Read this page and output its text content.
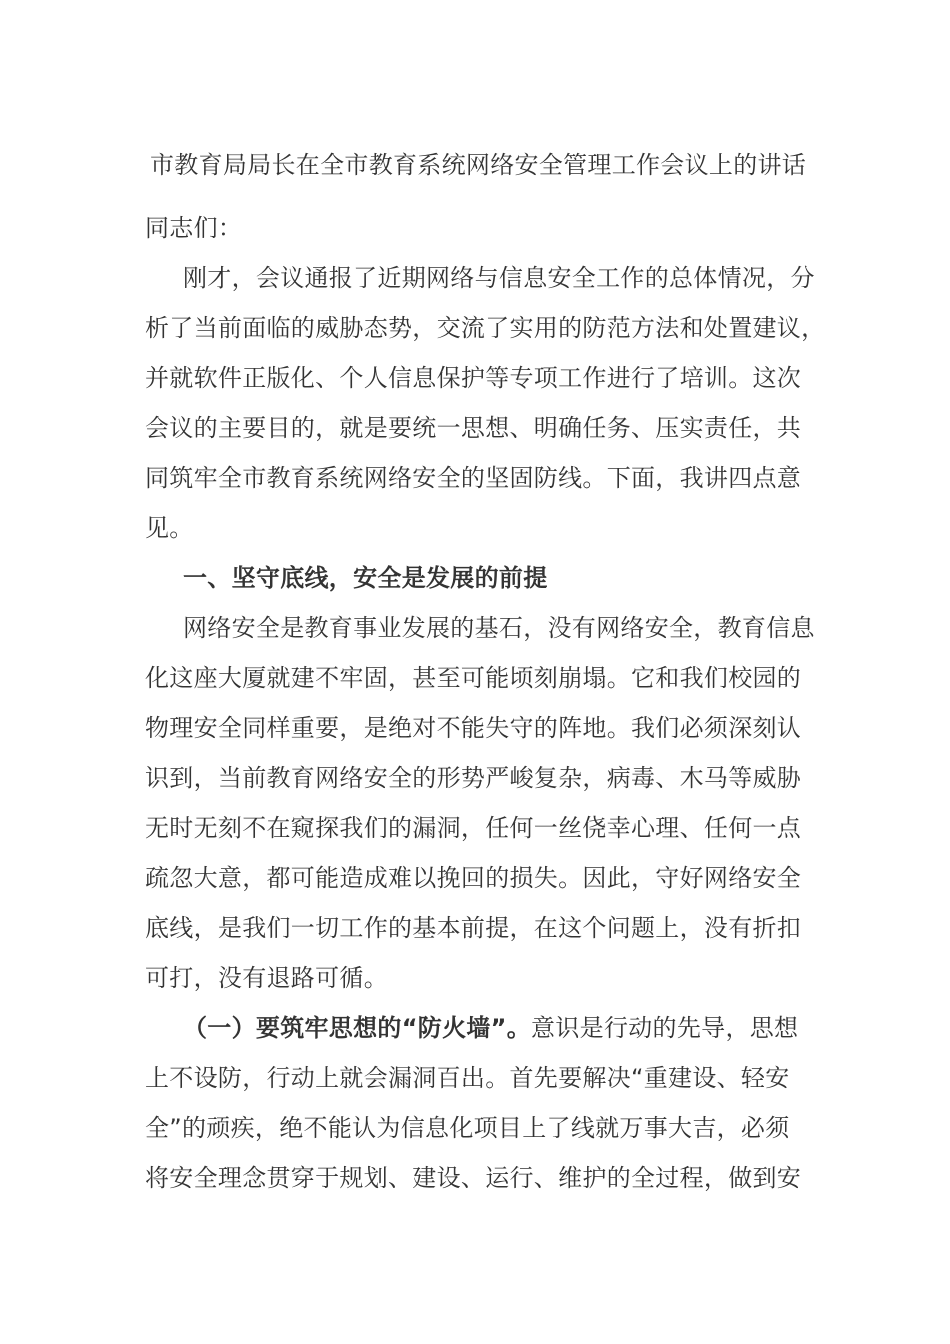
市教育局局长在全市教育系统网络安全管理工作会议上的讲话
同志们：
刚才，会议通报了近期网络与信息安全工作的总体情况，分
析了当前面临的威胁态势，交流了实用的防范方法和处置建议，
并就软件正版化、个人信息保护等专项工作进行了培训。这次
会议的主要目的，就是要统一思想、明确任务、压实责任，共
同筑牢全市教育系统网络安全的坚固防线。下面，我讲四点意
见。
一、坚守底线，安全是发展的前提
网络安全是教育事业发展的基石，没有网络安全，教育信息
化这座大厦就建不牢固，甚至可能顷刻崩塌。它和我们校园的
物理安全同样重要，是绝对不能失守的阵地。我们必须深刻认
识到，当前教育网络安全的形势严峻复杂，病毒、木马等威胁
无时无刻不在窥探我们的漏洞，任何一丝侥幸心理、任何一点
疏忽大意，都可能造成难以挽回的损失。因此，守好网络安全
底线，是我们一切工作的基本前提，在这个问题上，没有折扣
可打，没有退路可循。
（一）要筑牢思想的“防火墙”。意识是行动的先导，思想
上不设防，行动上就会漏洞百出。首先要解决“重建设、轻安
全”的顽疾，绝不能认为信息化项目上了线就万事大吉，必须
将安全理念贯穿于规划、建设、运行、维护的全过程，做到安
